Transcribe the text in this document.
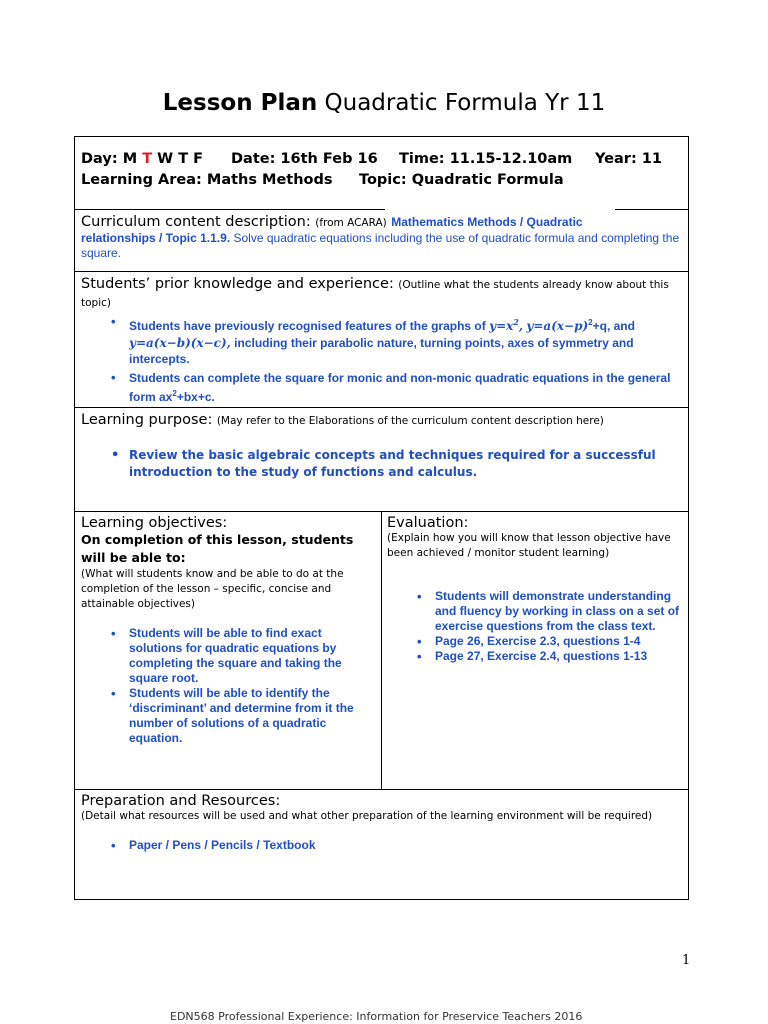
Lesson Plan Quadratic Formula Yr 11
Day: M T W T F Date: 16th Feb 16 Time: 11.15-12.10am Year: 11
Learning Area: Maths Methods Topic: Quadratic Formula
Curriculum content description: (from ACARA) Mathematics Methods / Quadratic
relationships / Topic 1.1.9. Solve quadratic equations including the use of quadratic formula and completing the square.
Students’ prior knowledge and experience: (Outline what the students already know about this topic)
• Students have previously recognised features of the graphs of $y=x^2$, $y=a(x-p)^2+q$, and y=a(x−b)(x−c), including their parabolic nature, turning points, axes of symmetry and intercepts.
• Students can complete the square for monic and non-monic quadratic equations in the general form $ax^2+bx+c$.
Learning purpose: (May refer to the Elaborations of the curriculum content description here)
• Review the basic algebraic concepts and techniques required for a successful introduction to the study of functions and calculus.
Learning objectives:
On completion of this lesson, students will be able to:
(What will students know and be able to do at the completion of the lesson – specific, concise and attainable objectives)
• Students will be able to find exact solutions for quadratic equations by completing the square and taking the square root.
• Students will be able to identify the ‘discriminant’ and determine from it the number of solutions of a quadratic equation.
Evaluation:
(Explain how you will know that lesson objective have been achieved / monitor student learning)
• Students will demonstrate understanding and fluency by working in class on a set of exercise questions from the class text.
• Page 26, Exercise 2.3, questions 1-4
• Page 27, Exercise 2.4, questions 1-13
Preparation and Resources:
(Detail what resources will be used and what other preparation of the learning environment will be required)
• Paper / Pens / Pencils / Textbook
1
EDN568 Professional Experience: Information for Preservice Teachers 2016
